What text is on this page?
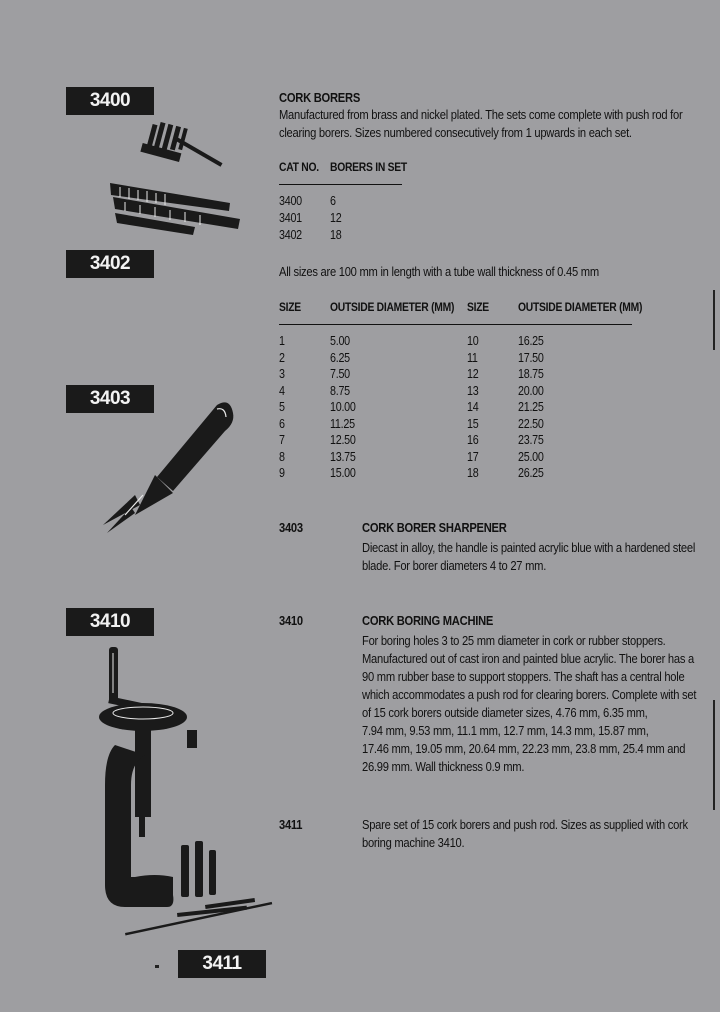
3400
3402
3403
3410
3411
CORK BORERS
Manufactured from brass and nickel plated. The sets come complete with push rod for
clearing borers. Sizes numbered consecutively from 1 upwards in each set.
CAT NO. BORERS IN SET
3400 6
3401 12
3402 18
All sizes are 100 mm in length with a tube wall thickness of 0.45 mm
SIZE OUTSIDE DIAMETER (MM) SIZE OUTSIDE DIAMETER (MM)
1	5.00	10	16.25
2	6.25	11	17.50
3	7.50	12	18.75
4	8.75	13	20.00
5	10.00	14	21.25
6	11.25	15	22.50
7	12.50	16	23.75
8	13.75	17	25.00
9	15.00	18	26.25
3403	CORK BORER SHARPENER
Diecast in alloy, the handle is painted acrylic blue with a hardened steel
blade. For borer diameters 4 to 27 mm.
3410	CORK BORING MACHINE
For boring holes 3 to 25 mm diameter in cork or rubber stoppers.
Manufactured out of cast iron and painted blue acrylic. The borer has a
90 mm rubber base to support stoppers. The shaft has a central hole
which accommodates a push rod for clearing borers. Complete with set
of 15 cork borers outside diameter sizes, 4.76 mm, 6.35 mm,
7.94 mm, 9.53 mm, 11.1 mm, 12.7 mm, 14.3 mm, 15.87 mm,
17.46 mm, 19.05 mm, 20.64 mm, 22.23 mm, 23.8 mm, 25.4 mm and
26.99 mm. Wall thickness 0.9 mm.
3411	Spare set of 15 cork borers and push rod. Sizes as supplied with cork
boring machine 3410.
